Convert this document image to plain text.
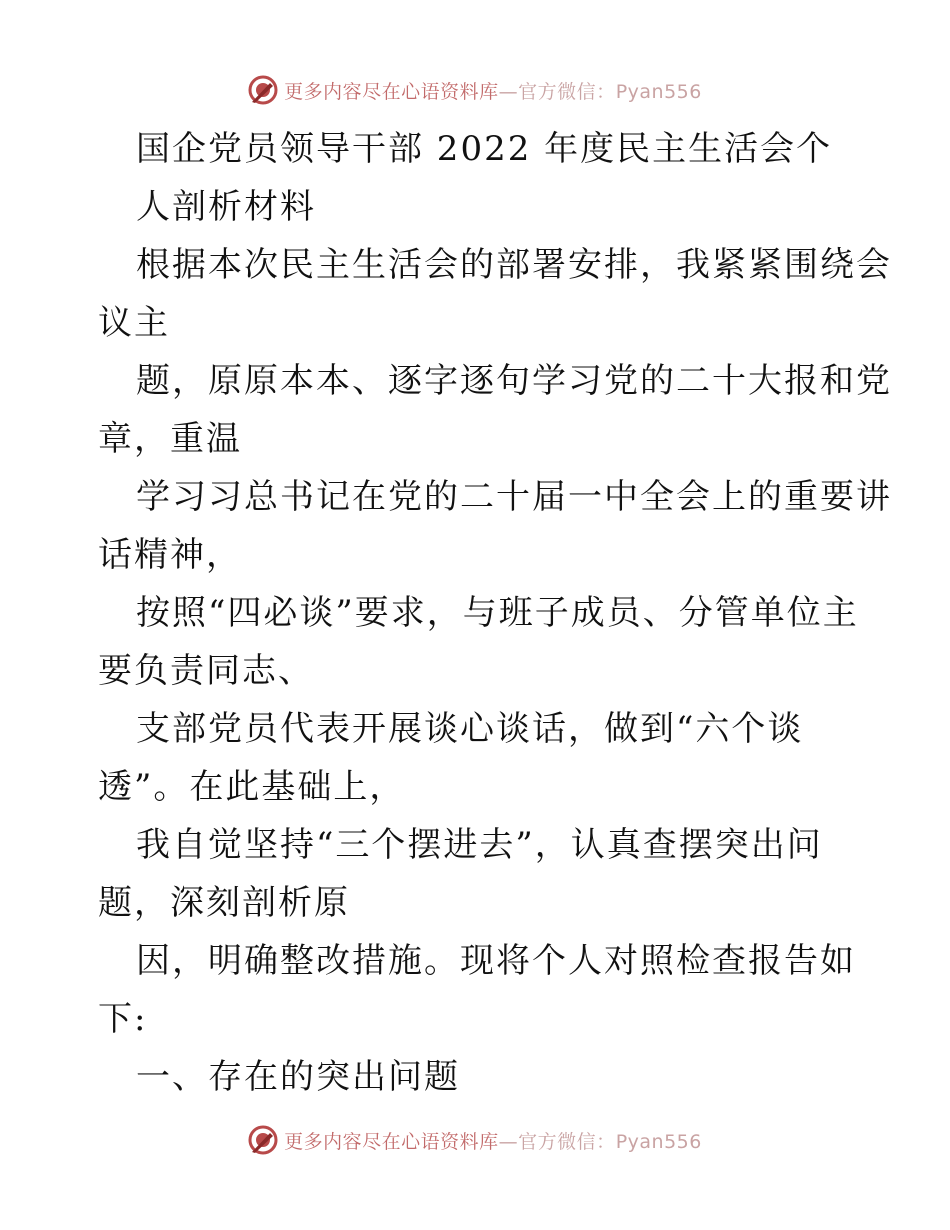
更多内容尽在心语资料库—官方微信：Pyan556
国企党员领导干部 2022 年度民主生活会个
人剖析材料
根据本次民主生活会的部署安排，我紧紧围绕会
议主
题，原原本本、逐字逐句学习党的二十大报和党
章，重温
学习习总书记在党的二十届一中全会上的重要讲
话精神，
按照“四必谈”要求，与班子成员、分管单位主
要负责同志、
支部党员代表开展谈心谈话，做到“六个谈
透”。在此基础上，
我自觉坚持“三个摆进去”，认真查摆突出问
题，深刻剖析原
因，明确整改措施。现将个人对照检查报告如
下:
一、存在的突出问题
更多内容尽在心语资料库—官方微信：Pyan556
